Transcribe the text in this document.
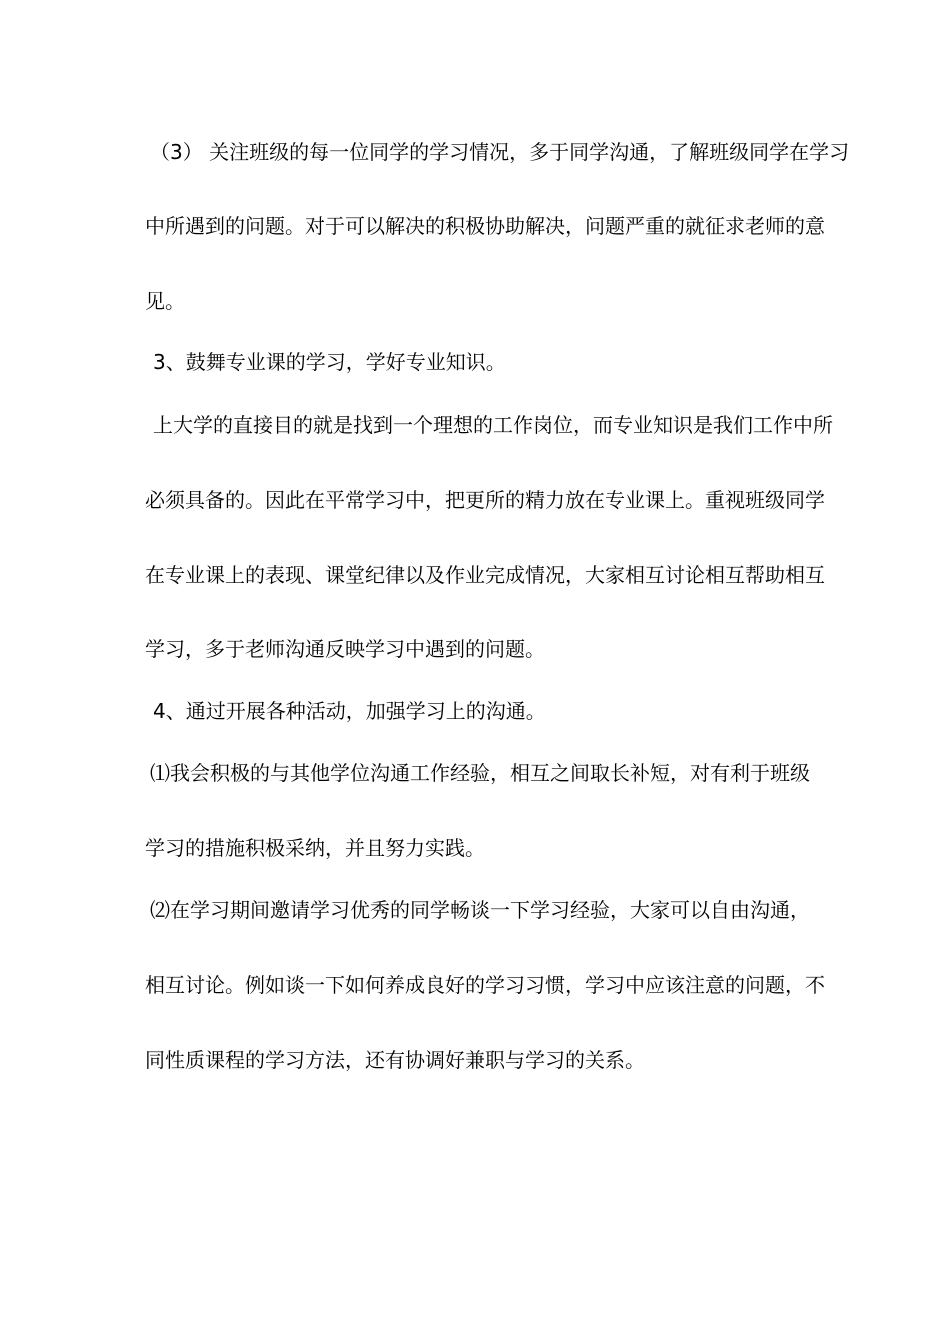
（3） 关注班级的每一位同学的学习情况，多于同学沟通，了解班级同学在学习
中所遇到的问题。对于可以解决的积极协助解决，问题严重的就征求老师的意
见。
3、鼓舞专业课的学习，学好专业知识。
上大学的直接目的就是找到一个理想的工作岗位，而专业知识是我们工作中所
必须具备的。因此在平常学习中，把更所的精力放在专业课上。重视班级同学
在专业课上的表现、课堂纪律以及作业完成情况，大家相互讨论相互帮助相互
学习，多于老师沟通反映学习中遇到的问题。
4、通过开展各种活动，加强学习上的沟通。
⑴我会积极的与其他学位沟通工作经验，相互之间取长补短，对有利于班级
学习的措施积极采纳，并且努力实践。
⑵在学习期间邀请学习优秀的同学畅谈一下学习经验，大家可以自由沟通，
相互讨论。例如谈一下如何养成良好的学习习惯，学习中应该注意的问题，不
同性质课程的学习方法，还有协调好兼职与学习的关系。
